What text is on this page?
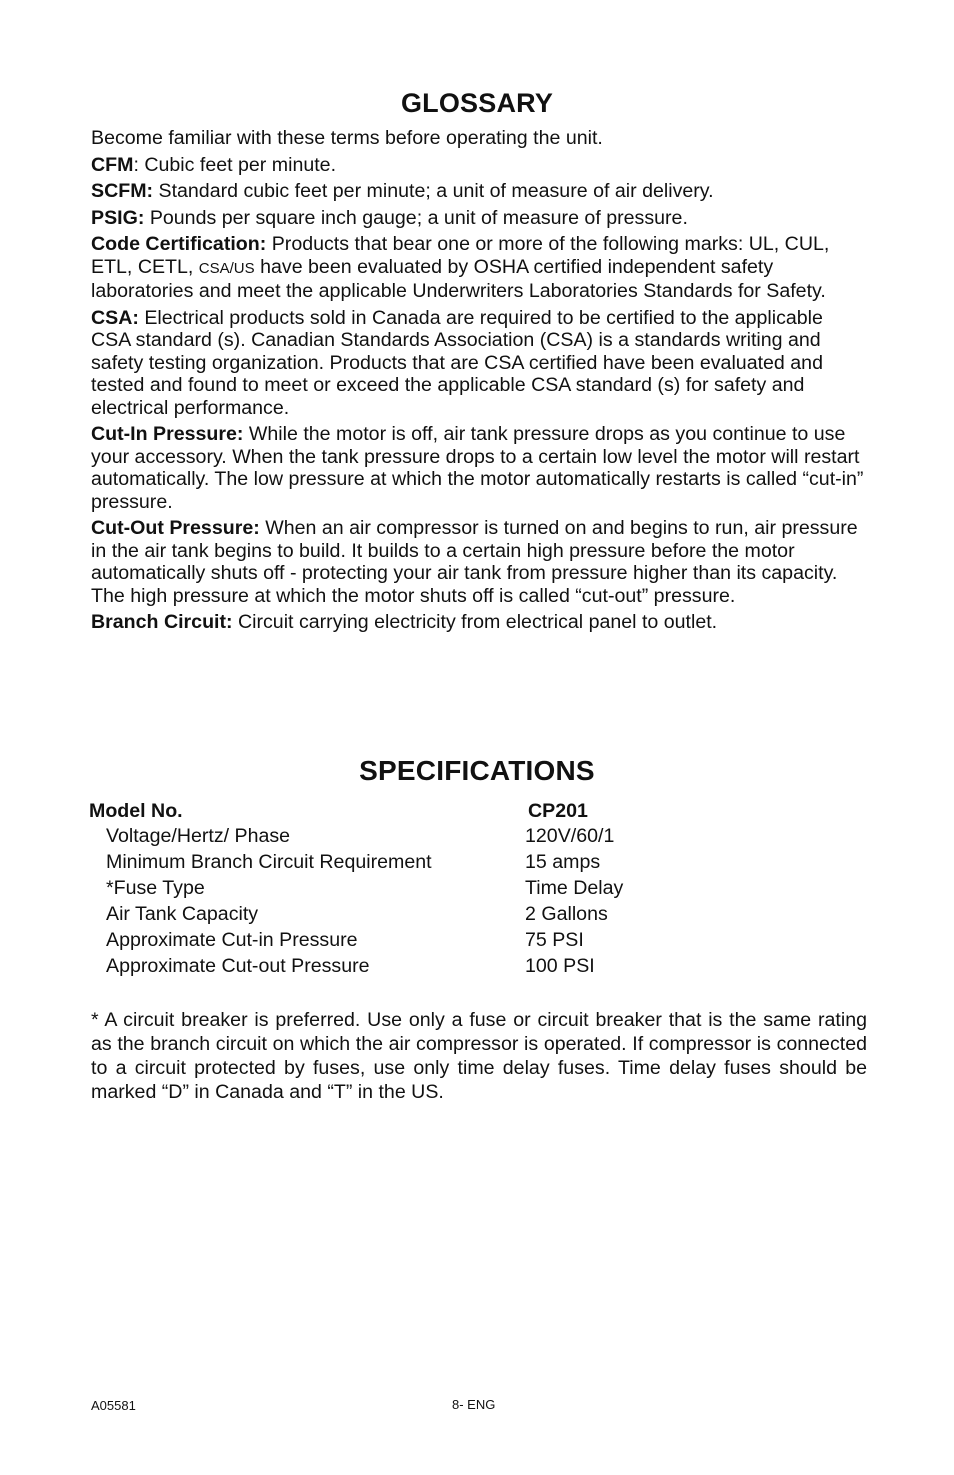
GLOSSARY

Become familiar with these terms before operating the unit.

CFM: Cubic feet per minute.

SCFM: Standard cubic feet per minute; a unit of measure of air delivery.

PSIG: Pounds per square inch gauge; a unit of measure of pressure.

Code Certification: Products that bear one or more of the following marks: UL, CUL, ETL, CETL, CSA/US have been evaluated by OSHA certified independent safety laboratories and meet the applicable Underwriters Laboratories Standards for Safety.

CSA: Electrical products sold in Canada are required to be certified to the applicable CSA standard (s). Canadian Standards Association (CSA) is a standards writing and safety testing organization. Products that are CSA certified have been evaluated and tested and found to meet or exceed the applicable CSA standard (s) for safety and electrical performance.

Cut-In Pressure: While the motor is off, air tank pressure drops as you continue to use your accessory. When the tank pressure drops to a certain low level the motor will restart automatically. The low pressure at which the motor automatically restarts is called “cut-in” pressure.

Cut-Out Pressure: When an air compressor is turned on and begins to run, air pressure in the air tank begins to build. It builds to a certain high pressure before the motor automatically shuts off - protecting your air tank from pressure higher than its capacity. The high pressure at which the motor shuts off is called “cut-out” pressure.

Branch Circuit: Circuit carrying electricity from electrical panel to outlet.

SPECIFICATIONS
Model No.	CP201
Voltage/Hertz/ Phase	120V/60/1
Minimum Branch Circuit Requirement	15 amps
*Fuse Type	Time Delay
Air Tank Capacity	2 Gallons
Approximate Cut-in Pressure	75 PSI
Approximate Cut-out Pressure	100 PSI

* A circuit breaker is preferred. Use only a fuse or circuit breaker that is the same rating as the branch circuit on which the air compressor is operated. If compressor is connected to a circuit protected by fuses, use only time delay fuses. Time delay fuses should be marked “D” in Canada and “T” in the US.

A05581	8- ENG
